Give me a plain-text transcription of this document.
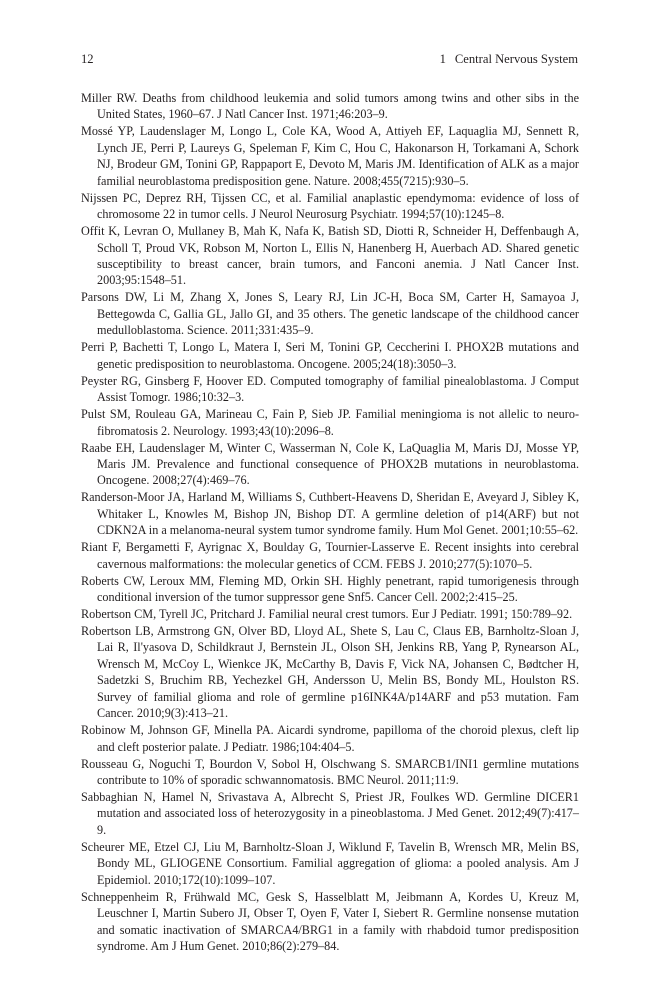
12	1 Central Nervous System
Miller RW. Deaths from childhood leukemia and solid tumors among twins and other sibs in the United States, 1960–67. J Natl Cancer Inst. 1971;46:203–9.
Mossé YP, Laudenslager M, Longo L, Cole KA, Wood A, Attiyeh EF, Laquaglia MJ, Sennett R, Lynch JE, Perri P, Laureys G, Speleman F, Kim C, Hou C, Hakonarson H, Torkamani A, Schork NJ, Brodeur GM, Tonini GP, Rappaport E, Devoto M, Maris JM. Identification of ALK as a major familial neuroblastoma predisposition gene. Nature. 2008;455(7215):930–5.
Nijssen PC, Deprez RH, Tijssen CC, et al. Familial anaplastic ependymoma: evidence of loss of chromosome 22 in tumor cells. J Neurol Neurosurg Psychiatr. 1994;57(10):1245–8.
Offit K, Levran O, Mullaney B, Mah K, Nafa K, Batish SD, Diotti R, Schneider H, Deffenbaugh A, Scholl T, Proud VK, Robson M, Norton L, Ellis N, Hanenberg H, Auerbach AD. Shared genetic susceptibility to breast cancer, brain tumors, and Fanconi anemia. J Natl Cancer Inst. 2003;95:1548–51.
Parsons DW, Li M, Zhang X, Jones S, Leary RJ, Lin JC-H, Boca SM, Carter H, Samayoa J, Bettegowda C, Gallia GL, Jallo GI, and 35 others. The genetic landscape of the childhood cancer medulloblastoma. Science. 2011;331:435–9.
Perri P, Bachetti T, Longo L, Matera I, Seri M, Tonini GP, Ceccherini I. PHOX2B mutations and genetic predisposition to neuroblastoma. Oncogene. 2005;24(18):3050–3.
Peyster RG, Ginsberg F, Hoover ED. Computed tomography of familial pinealoblastoma. J Comput Assist Tomogr. 1986;10:32–3.
Pulst SM, Rouleau GA, Marineau C, Fain P, Sieb JP. Familial meningioma is not allelic to neurofibromatosis 2. Neurology. 1993;43(10):2096–8.
Raabe EH, Laudenslager M, Winter C, Wasserman N, Cole K, LaQuaglia M, Maris DJ, Mosse YP, Maris JM. Prevalence and functional consequence of PHOX2B mutations in neuroblastoma. Oncogene. 2008;27(4):469–76.
Randerson-Moor JA, Harland M, Williams S, Cuthbert-Heavens D, Sheridan E, Aveyard J, Sibley K, Whitaker L, Knowles M, Bishop JN, Bishop DT. A germline deletion of p14(ARF) but not CDKN2A in a melanoma-neural system tumor syndrome family. Hum Mol Genet. 2001;10:55–62.
Riant F, Bergametti F, Ayrignac X, Boulday G, Tournier-Lasserve E. Recent insights into cerebral cavernous malformations: the molecular genetics of CCM. FEBS J. 2010;277(5):1070–5.
Roberts CW, Leroux MM, Fleming MD, Orkin SH. Highly penetrant, rapid tumorigenesis through conditional inversion of the tumor suppressor gene Snf5. Cancer Cell. 2002;2:415–25.
Robertson CM, Tyrell JC, Pritchard J. Familial neural crest tumors. Eur J Pediatr. 1991; 150:789–92.
Robertson LB, Armstrong GN, Olver BD, Lloyd AL, Shete S, Lau C, Claus EB, Barnholtz-Sloan J, Lai R, Il'yasova D, Schildkraut J, Bernstein JL, Olson SH, Jenkins RB, Yang P, Rynearson AL, Wrensch M, McCoy L, Wienkce JK, McCarthy B, Davis F, Vick NA, Johansen C, Bødtcher H, Sadetzki S, Bruchim RB, Yechezkel GH, Andersson U, Melin BS, Bondy ML, Houlston RS. Survey of familial glioma and role of germline p16INK4A/p14ARF and p53 mutation. Fam Cancer. 2010;9(3):413–21.
Robinow M, Johnson GF, Minella PA. Aicardi syndrome, papilloma of the choroid plexus, cleft lip and cleft posterior palate. J Pediatr. 1986;104:404–5.
Rousseau G, Noguchi T, Bourdon V, Sobol H, Olschwang S. SMARCB1/INI1 germline mutations contribute to 10% of sporadic schwannomatosis. BMC Neurol. 2011;11:9.
Sabbaghian N, Hamel N, Srivastava A, Albrecht S, Priest JR, Foulkes WD. Germline DICER1 mutation and associated loss of heterozygosity in a pineoblastoma. J Med Genet. 2012;49(7):417–9.
Scheurer ME, Etzel CJ, Liu M, Barnholtz-Sloan J, Wiklund F, Tavelin B, Wrensch MR, Melin BS, Bondy ML, GLIOGENE Consortium. Familial aggregation of glioma: a pooled analysis. Am J Epidemiol. 2010;172(10):1099–107.
Schneppenheim R, Frühwald MC, Gesk S, Hasselblatt M, Jeibmann A, Kordes U, Kreuz M, Leuschner I, Martin Subero JI, Obser T, Oyen F, Vater I, Siebert R. Germline nonsense mutation and somatic inactivation of SMARCA4/BRG1 in a family with rhabdoid tumor predisposition syndrome. Am J Hum Genet. 2010;86(2):279–84.
